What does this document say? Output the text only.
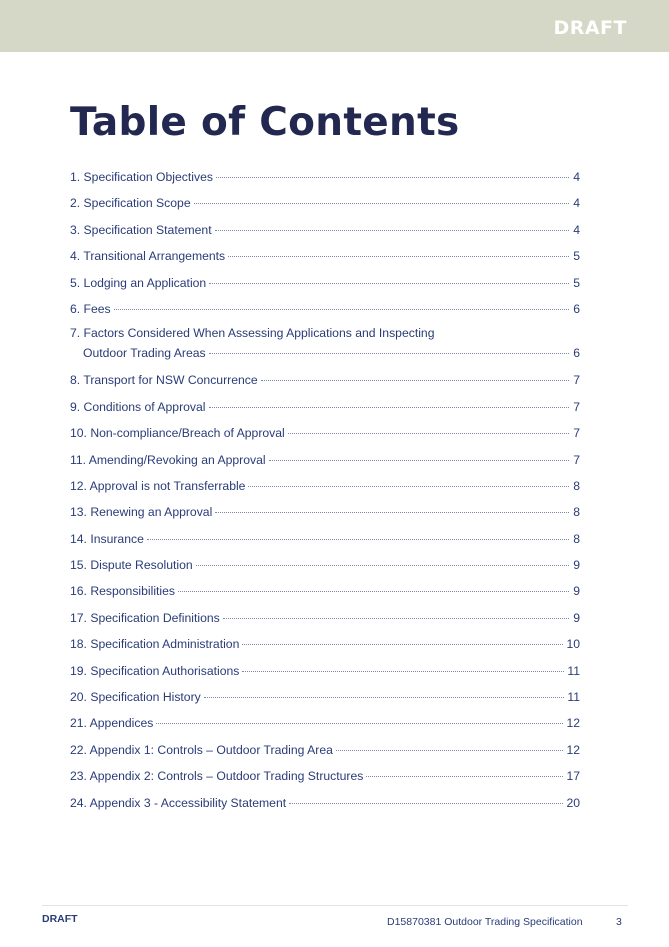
DRAFT
Table of Contents
1. Specification Objectives	4
2. Specification Scope	4
3. Specification Statement	4
4. Transitional Arrangements	5
5. Lodging an Application	5
6. Fees	6
7. Factors Considered When Assessing Applications and Inspecting
Outdoor Trading Areas	6
8. Transport for NSW Concurrence	7
9. Conditions of Approval	7
10. Non-compliance/Breach of Approval	7
11. Amending/Revoking an Approval	7
12. Approval is not Transferrable	8
13. Renewing an Approval	8
14. Insurance	8
15. Dispute Resolution	9
16. Responsibilities	9
17. Specification Definitions	9
18. Specification Administration	10
19. Specification Authorisations	11
20. Specification History	11
21. Appendices	12
22. Appendix 1: Controls – Outdoor Trading Area	12
23. Appendix 2: Controls – Outdoor Trading Structures	17
24. Appendix 3 - Accessibility Statement	20
DRAFT	D15870381 Outdoor Trading Specification	3
